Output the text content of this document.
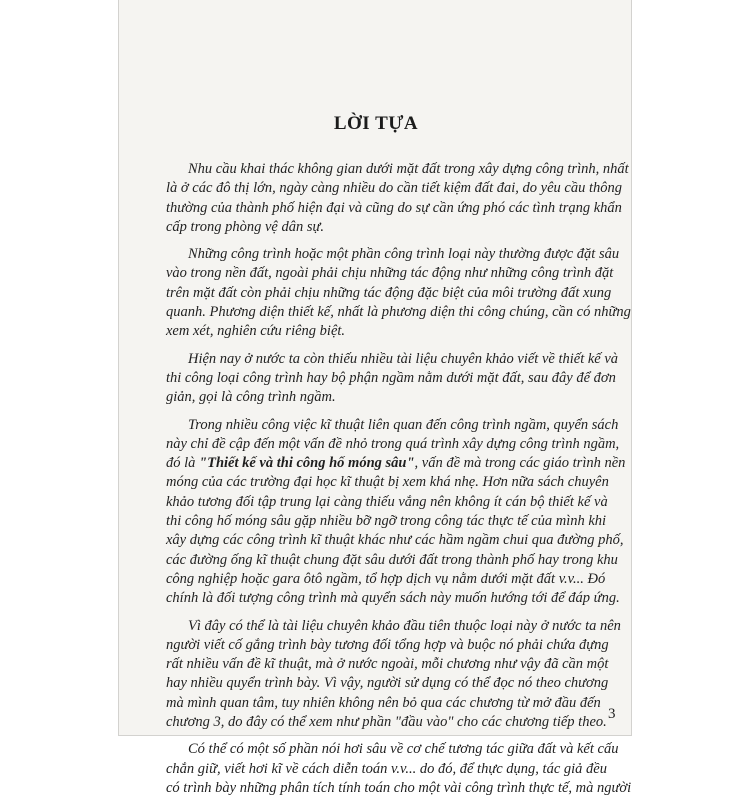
LỜI TỰA

Nhu cầu khai thác không gian dưới mặt đất trong xây dựng công trình, nhất
là ở các đô thị lớn, ngày càng nhiều do cần tiết kiệm đất đai, do yêu cầu thông
thường của thành phố hiện đại và cũng do sự cần ứng phó các tình trạng khẩn
cấp trong phòng vệ dân sự.

Những công trình hoặc một phần công trình loại này thường được đặt sâu
vào trong nền đất, ngoài phải chịu những tác động như những công trình đặt
trên mặt đất còn phải chịu những tác động đặc biệt của môi trường đất xung
quanh. Phương diện thiết kế, nhất là phương diện thi công chúng, cần có những
xem xét, nghiên cứu riêng biệt.

Hiện nay ở nước ta còn thiếu nhiều tài liệu chuyên khảo viết về thiết kế và
thi công loại công trình hay bộ phận ngầm nằm dưới mặt đất, sau đây để đơn
giản, gọi là công trình ngầm.

Trong nhiều công việc kĩ thuật liên quan đến công trình ngầm, quyển sách
này chỉ đề cập đến một vấn đề nhỏ trong quá trình xây dựng công trình ngầm,
đó là "Thiết kế và thi công hố móng sâu", vấn đề mà trong các giáo trình nền
móng của các trường đại học kĩ thuật bị xem khá nhẹ. Hơn nữa sách chuyên
khảo tương đối tập trung lại càng thiếu vắng nên không ít cán bộ thiết kế và
thi công hố móng sâu gặp nhiều bỡ ngỡ trong công tác thực tế của mình khi
xây dựng các công trình kĩ thuật khác như các hầm ngầm chui qua đường phố,
các đường ống kĩ thuật chung đặt sâu dưới đất trong thành phố hay trong khu
công nghiệp hoặc gara ôtô ngầm, tổ hợp dịch vụ nằm dưới mặt đất v.v... Đó
chính là đối tượng công trình mà quyển sách này muốn hướng tới để đáp ứng.

Vì đây có thể là tài liệu chuyên khảo đầu tiên thuộc loại này ở nước ta nên
người viết cố gắng trình bày tương đối tổng hợp và buộc nó phải chứa đựng
rất nhiều vấn đề kĩ thuật, mà ở nước ngoài, mỗi chương như vậy đã cần một
hay nhiều quyển trình bày. Vì vậy, người sử dụng có thể đọc nó theo chương
mà mình quan tâm, tuy nhiên không nên bỏ qua các chương từ mở đầu đến
chương 3, do đây có thể xem như phần "đầu vào" cho các chương tiếp theo.

Có thể có một số phần nói hơi sâu về cơ chế tương tác giữa đất và kết cấu
chắn giữ, viết hơi kĩ về cách diễn toán v.v... do đó, để thực dụng, tác giả đều
có trình bày những phân tích tính toán cho một vài công trình thực tế, mà người

3
